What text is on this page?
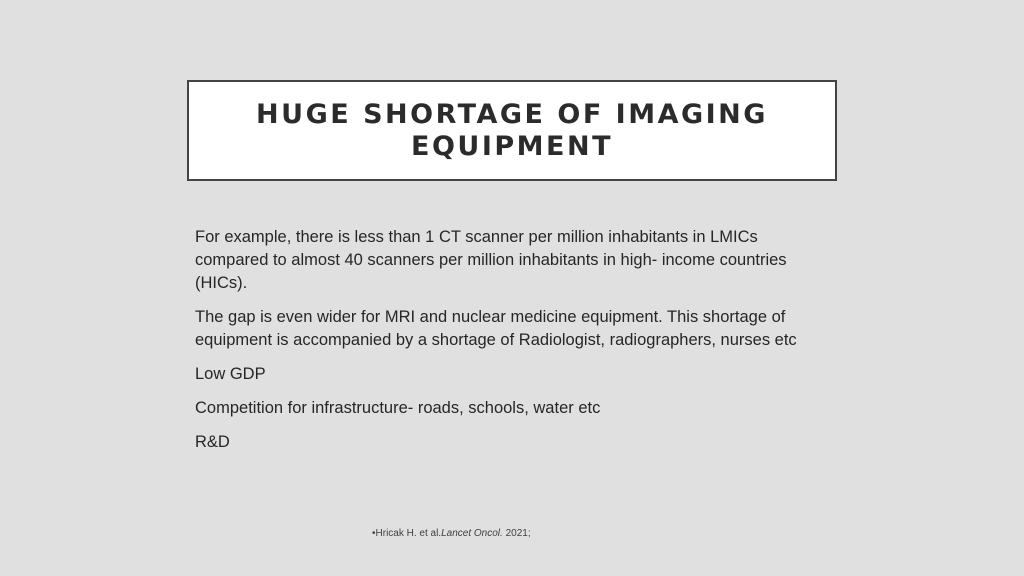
HUGE SHORTAGE OF IMAGING
EQUIPMENT

For example, there is less than 1 CT scanner per million inhabitants in LMICs compared to almost 40 scanners per million inhabitants in high- income countries (HICs).

The gap is even wider for MRI and nuclear medicine equipment. This shortage of equipment is accompanied by a shortage of Radiologist, radiographers, nurses etc

Low GDP

Competition for infrastructure- roads, schools, water etc

R&D

•Hricak H. et al.Lancet Oncol. 2021;
